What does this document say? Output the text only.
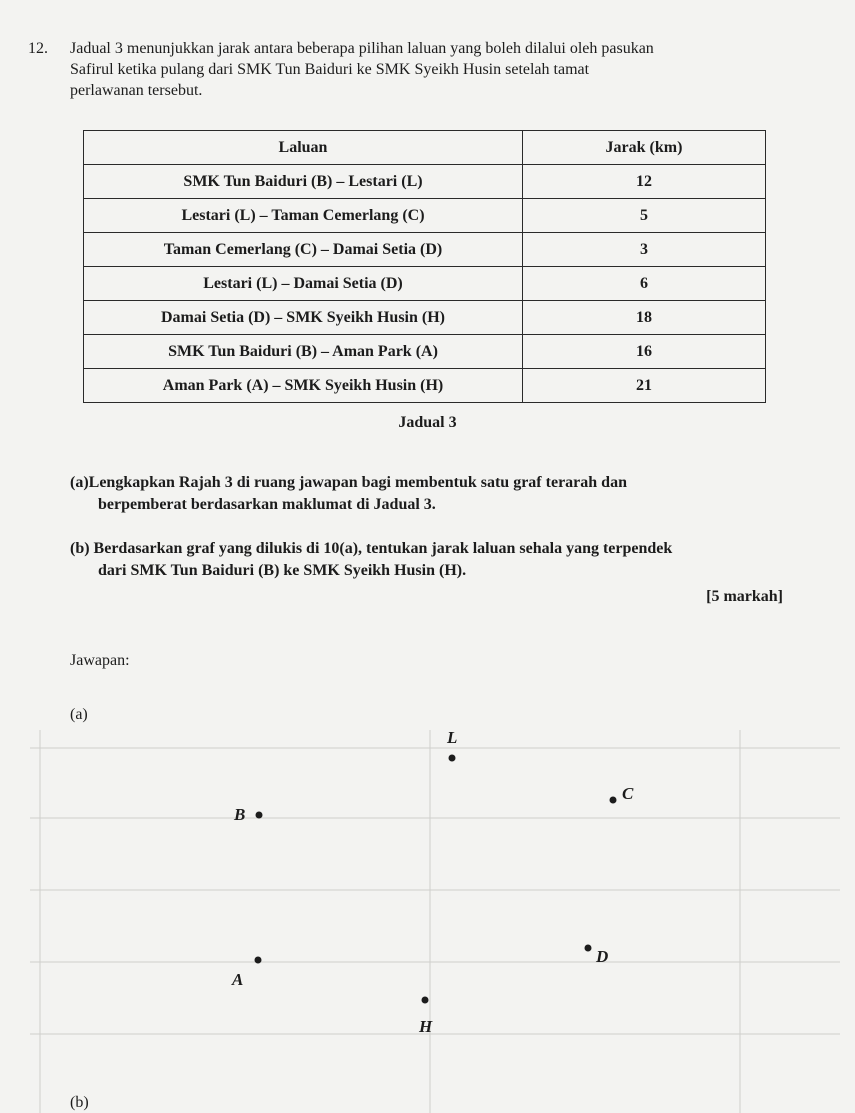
12. Jadual 3 menunjukkan jarak antara beberapa pilihan laluan yang boleh dilalui oleh pasukan
Safirul ketika pulang dari SMK Tun Baiduri ke SMK Syeikh Husin setelah tamat
perlawanan tersebut.
Laluan	Jarak (km)
SMK Tun Baiduri (B) – Lestari (L)	12
Lestari (L) – Taman Cemerlang (C)	5
Taman Cemerlang (C) – Damai Setia (D)	3
Lestari (L) – Damai Setia (D)	6
Damai Setia (D) – SMK Syeikh Husin (H)	18
SMK Tun Baiduri (B) – Aman Park (A)	16
Aman Park (A) – SMK Syeikh Husin (H)	21
Jadual 3
(a)Lengkapkan Rajah 3 di ruang jawapan bagi membentuk satu graf terarah dan
berpemberat berdasarkan maklumat di Jadual 3.
(b) Berdasarkan graf yang dilukis di 10(a), tentukan jarak laluan sehala yang terpendek
dari SMK Tun Baiduri (B) ke SMK Syeikh Husin (H).
[5 markah]
Jawapan:
L
C
B
D
A
H
(a)
(b)
